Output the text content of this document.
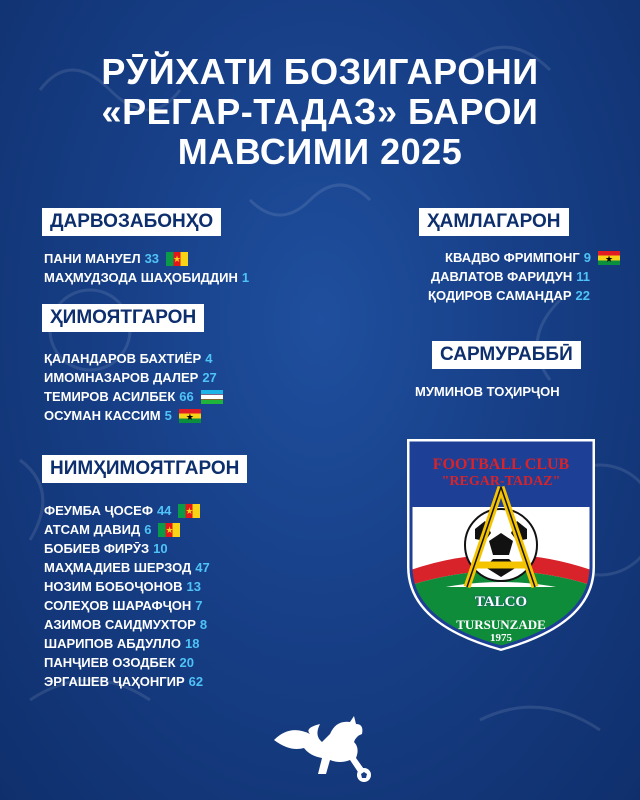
РӮЙХАТИ БОЗИГАРОНИ
«РЕГАР-ТАДАЗ» БАРОИ
МАВСИМИ 2025
ДАРВОЗАБОНҲО
ПАНИ МАНУЕЛ 33
★
МАҲМУДЗОДА ШАҲОБИДДИН 1
ҲИМОЯТГАРОН
ҚАЛАНДАРОВ БАХТИЁР 4
ИМОМНАЗАРОВ ДАЛЕР 27
ТЕМИРОВ АСИЛБЕК 66
ОСУМАН КАССИМ 5
★
НИМҲИМОЯТГАРОН
ФЕУМБА ҶОСЕФ 44
★
АТСАМ ДАВИД 6
★
БОБИЕВ ФИРӮЗ 10
МАҲМАДИЕВ ШЕРЗОД 47
НОЗИМ БОБОҶОНОВ 13
СОЛЕҲОВ ШАРАФҶОН 7
АЗИМОВ САИДМУХТОР 8
ШАРИПОВ АБДУЛЛО 18
ПАНҶИЕВ ОЗОДБЕК 20
ЭРГАШЕВ ҶАҲОНГИР 62
ҲАМЛАГАРОН
КВАДВО ФРИМПОНГ 9
★
ДАВЛАТОВ ФАРИДУН 11
ҚОДИРОВ САМАНДАР 22
САРМУРАББӢ
МУМИНОВ ТОҲИРҶОН
FOOTBALL CLUB
"REGAR-TADAZ"
TALCO
TURSUNZADE
1975
